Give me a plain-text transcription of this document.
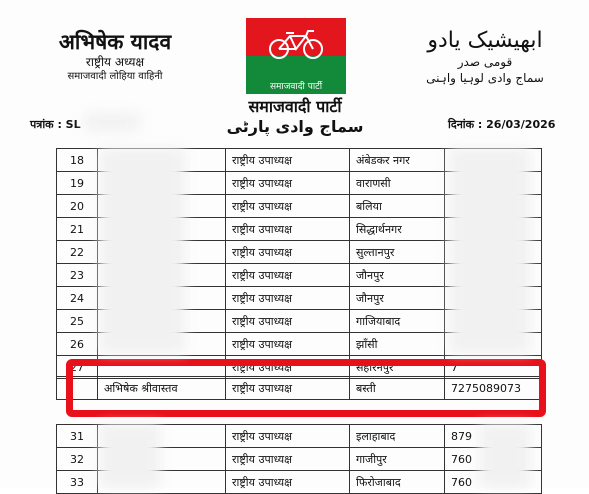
अभिषेक यादव
राष्ट्रीय अध्यक्ष
समाजवादी लोहिया वाहिनी
समाजवादी पार्टी
ابھیشیک یادو
قومی صدر
سماج وادی لوہیا واہنی
समाजवादी पार्टी
سماج وادی پارٹی
पत्रांक : SL	दिनांक : 26/03/2026
18		राष्ट्रीय उपाध्यक्ष	अंबेडकर नगर	
19		राष्ट्रीय उपाध्यक्ष	वाराणसी	
20		राष्ट्रीय उपाध्यक्ष	बलिया	
21		राष्ट्रीय उपाध्यक्ष	सिद्धार्थनगर	
22		राष्ट्रीय उपाध्यक्ष	सुल्तानपुर	
23		राष्ट्रीय उपाध्यक्ष	जौनपुर	
24		राष्ट्रीय उपाध्यक्ष	जौनपुर	
25		राष्ट्रीय उपाध्यक्ष	गाजियाबाद	
26		राष्ट्रीय उपाध्यक्ष	झाँसी	
27		राष्ट्रीय उपाध्यक्ष	सहारनपुर	7
	अभिषेक श्रीवास्तव	राष्ट्रीय उपाध्यक्ष	बस्ती	7275089073
31		राष्ट्रीय उपाध्यक्ष	इलाहाबाद	879
32		राष्ट्रीय उपाध्यक्ष	गाजीपुर	760
33		राष्ट्रीय उपाध्यक्ष	फिरोजाबाद	760
